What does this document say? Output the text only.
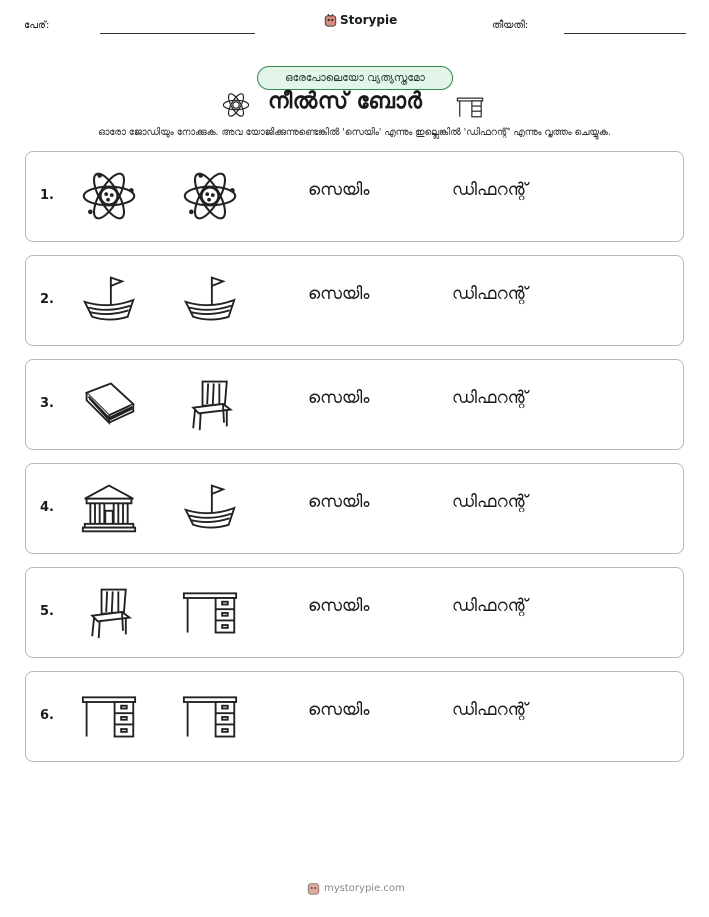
പേര്:	Storypie	തീയതി:
ഒരേപോലെയോ വ്യത്യസ്തമോ
നീൽസ് ബോർ
ഓരോ ജോഡിയും നോക്കുക. അവ യോജിക്കുന്നുണ്ടെങ്കിൽ 'സെയിം' എന്നും ഇല്ലെങ്കിൽ 'ഡിഫറന്റ്' എന്നും വൃത്തം ചെയ്യുക.
1.	സെയിം	ഡിഫറന്റ്
2.	സെയിം	ഡിഫറന്റ്
3.	സെയിം	ഡിഫറന്റ്
4.	സെയിം	ഡിഫറന്റ്
5.	സെയിം	ഡിഫറന്റ്
6.	സെയിം	ഡിഫറന്റ്
mystorypie.com
